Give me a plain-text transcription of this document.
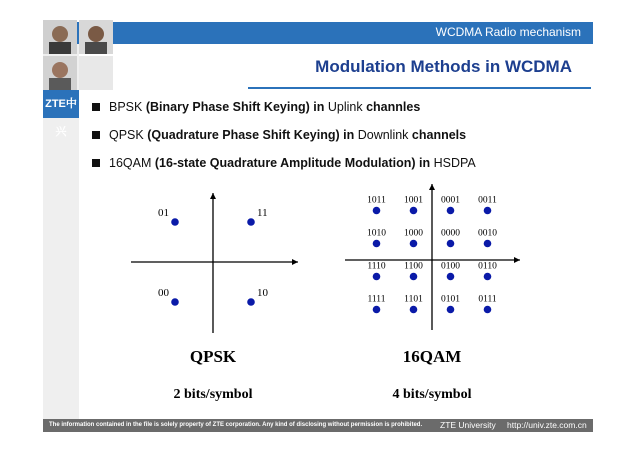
WCDMA Radio mechanism
ZTE中兴
Modulation Methods in WCDMA
BPSK (Binary Phase Shift Keying) in Uplink channles
QPSK (Quadrature Phase Shift Keying) in Downlink channels
16QAM (16-state Quadrature Amplitude Modulation) in HSDPA
01	11
00	10
1011 1001 0001 0011
1010 1000 0000 0010
1110 1100 0100 0110
1111 1101 0101 0111
QPSK
2 bits/symbol
16QAM
4 bits/symbol
The information contained in the file is solely property of ZTE corporation. Any kind of disclosing without permission is prohibited. ZTE University http://univ.zte.com.cn
